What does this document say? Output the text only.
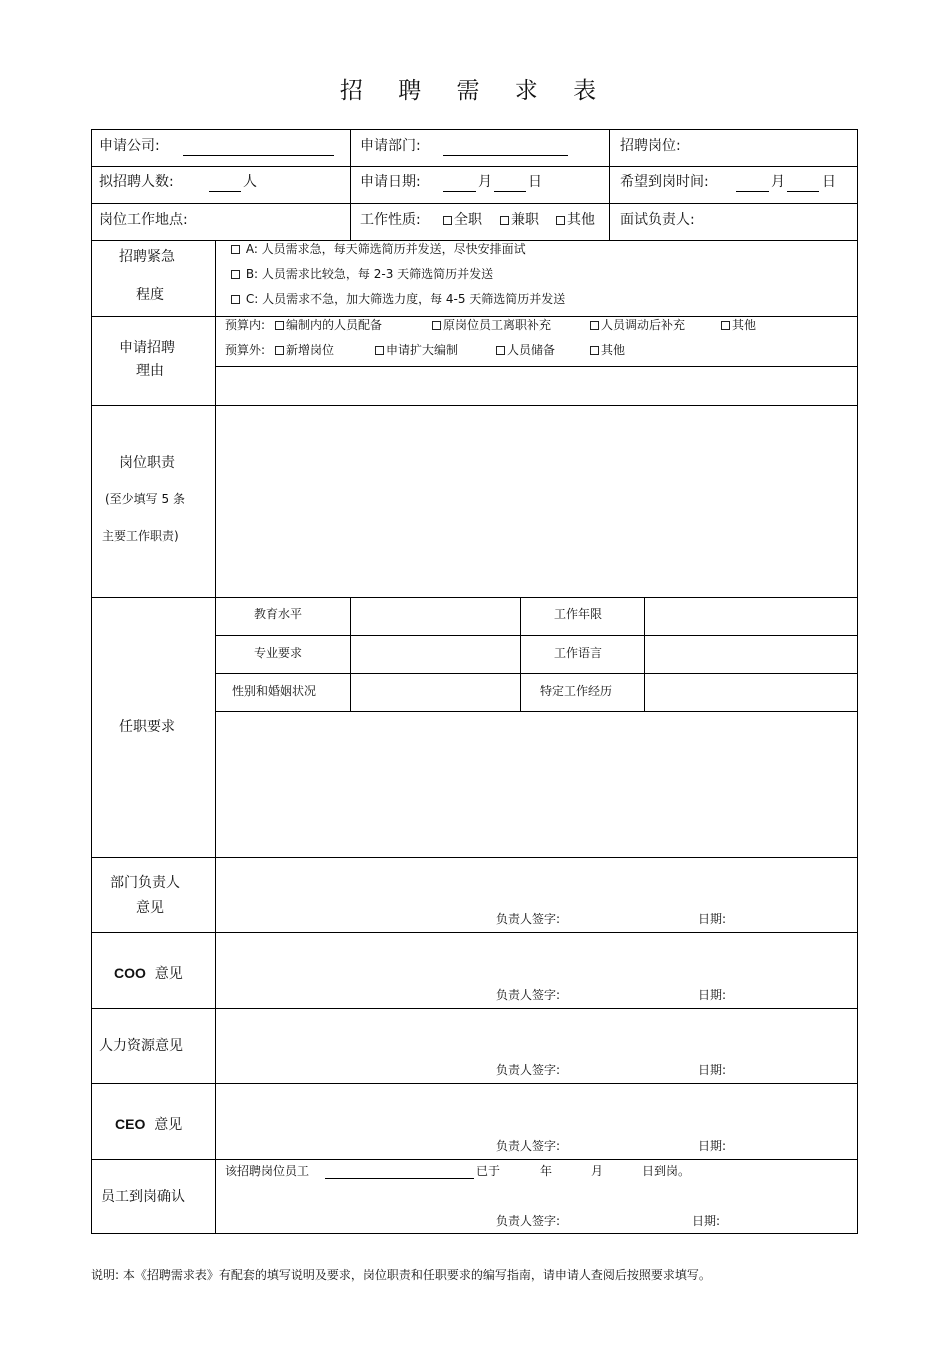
招 聘 需 求 表
申请公司:	申请部门:	招聘岗位:
拟招聘人数:	人	申请日期:	月	日	希望到岗时间:	月	日
岗位工作地点:	工作性质:	全职	兼职	其他 面试负责人:
招聘紧急
程度
A: 人员需求急，每天筛选简历并发送，尽快安排面试
B: 人员需求比较急，每 2-3 天筛选简历并发送
C: 人员需求不急，加大筛选力度，每 4-5 天筛选简历并发送
申请招聘
理由
预算内:	编制内的人员配备	原岗位员工离职补充	人员调动后补充	其他
预算外:	新增岗位	申请扩大编制	人员储备	其他
岗位职责
(至少填写 5 条
主要工作职责)
任职要求
教育水平	工作年限
专业要求	工作语言
性别和婚姻状况	特定工作经历
部门负责人
意见
负责人签字:	日期:
COO 意见
负责人签字:	日期:
人力资源意见
负责人签字:	日期:
CEO 意见
负责人签字:	日期:
员工到岗确认
该招聘岗位员工	已于	年	月	日到岗。
负责人签字:	日期:
说明: 本《招聘需求表》有配套的填写说明及要求，岗位职责和任职要求的编写指南，请申请人查阅后按照要求填写。
